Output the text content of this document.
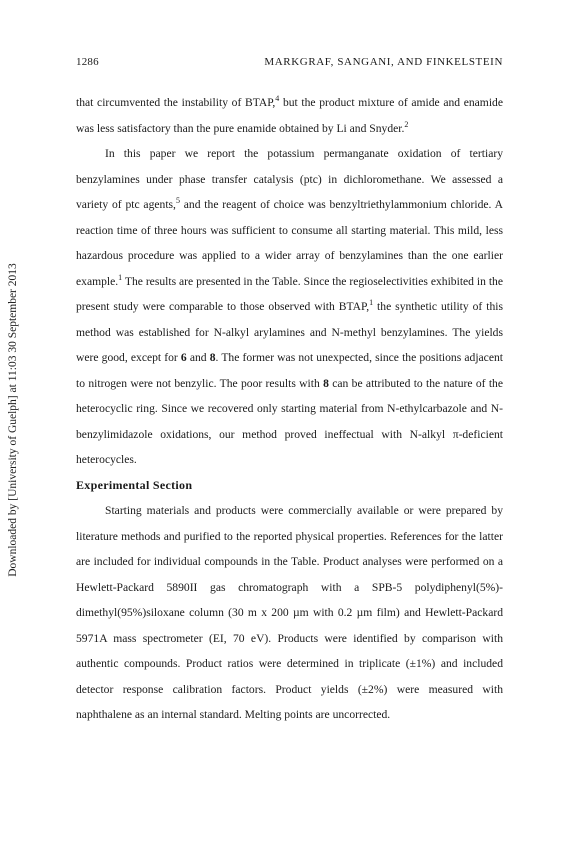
Downloaded by [University of Guelph] at 11:03 30 September 2013
1286	MARKGRAF, SANGANI, AND FINKELSTEIN

that circumvented the instability of BTAP,$^4$ but the product mixture of amide and enamide was less satisfactory than the pure enamide obtained by Li and Snyder.$^2$

In this paper we report the potassium permanganate oxidation of tertiary benzylamines under phase transfer catalysis (ptc) in dichloromethane. We assessed a variety of ptc agents,$^5$ and the reagent of choice was benzyltriethylammonium chloride. A reaction time of three hours was sufficient to consume all starting material. This mild, less hazardous procedure was applied to a wider array of benzylamines than the one earlier example.$^1$ The results are presented in the Table. Since the regioselectivities exhibited in the present study were comparable to those observed with BTAP,$^1$ the synthetic utility of this method was established for N-alkyl arylamines and N-methyl benzylamines. The yields were good, except for 6 and 8. The former was not unexpected, since the positions adjacent to nitrogen were not benzylic. The poor results with 8 can be attributed to the nature of the heterocyclic ring. Since we recovered only starting material from N-ethylcarbazole and N-benzylimidazole oxidations, our method proved ineffectual with N-alkyl π-deficient heterocycles.

Experimental Section

Starting materials and products were commercially available or were prepared by literature methods and purified to the reported physical properties. References for the latter are included for individual compounds in the Table. Product analyses were performed on a Hewlett-Packard 5890II gas chromatograph with a SPB-5 polydiphenyl(5%)-dimethyl(95%)siloxane column (30 m x 200 µm with 0.2 µm film) and Hewlett-Packard 5971A mass spectrometer (EI, 70 eV). Products were identified by comparison with authentic compounds. Product ratios were determined in triplicate (±1%) and included detector response calibration factors. Product yields (±2%) were measured with naphthalene as an internal standard. Melting points are uncorrected.
